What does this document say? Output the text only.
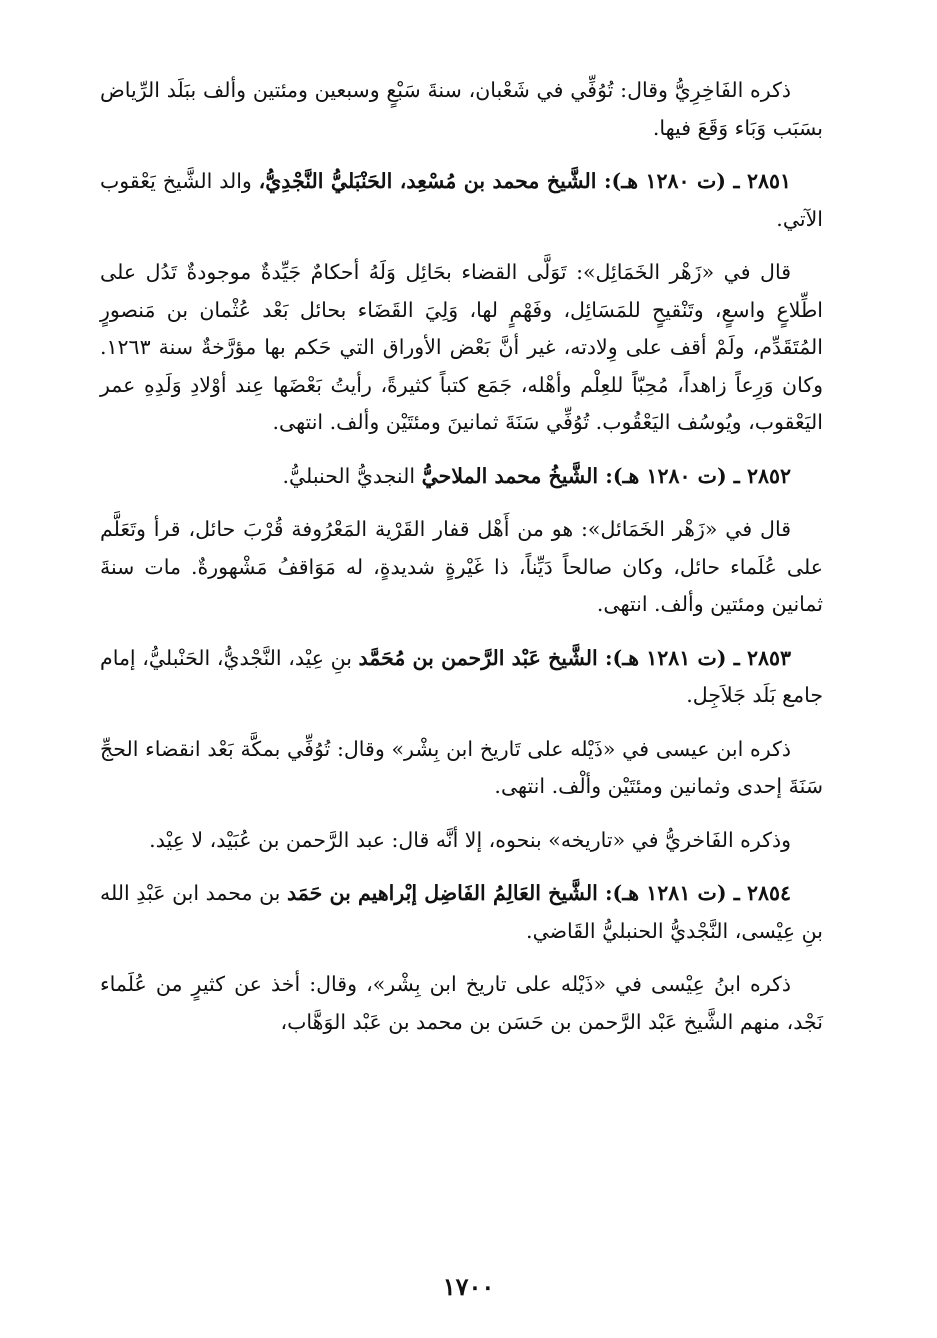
ذكره الفَاخِرِيُّ وقال: تُوُفِّي في شَعْبان، سنةَ سَبْعٍ وسبعين ومئتين وألف ببَلَد الرِّياض بسَبَب وَبَاء وَقَعَ فيها.

٢٨٥١ ـ (ت ١٢٨٠ هـ): الشَّيخ محمد بن مُسْعِد، الحَنْبَليُّ النَّجْدِيُّ، والد الشَّيخ يَعْقوب الآتي.

قال في «زَهْر الخَمَائِل»: تَوَلَّى القضاء بحَائِل وَلَهُ أحكامٌ جَيِّدةٌ موجودةٌ تَدُل على اطِّلاعٍ واسعٍ، وتَنْقيحٍ للمَسَائِل، وفَهْمٍ لها، وَلِيَ القَضَاء بحائل بَعْد عُثْمان بن مَنصورٍ المُتَقَدِّم، ولَمْ أقف على وِلادته، غير أنَّ بَعْض الأوراق التي حَكم بها مؤرَّخةٌ سنة ١٢٦٣. وكان وَرِعاً زاهداً، مُحِبّاً للعِلْم وأهْله، جَمَع كتباً كثيرةً، رأيتُ بَعْضَها عِند أوْلادِ وَلَدِهِ عمر اليَعْقوب، ويُوسُف اليَعْقُوب. تُوُفِّي سَنَةَ ثمانينَ ومئتَيْن وألف. انتهى.

٢٨٥٢ ـ (ت ١٢٨٠ هـ): الشَّيخُ محمد الملاحيُّ النجديُّ الحنبليُّ.

قال في «زَهْر الخَمَائل»: هو من أَهْل قفار القَرْية المَعْرُوفة قُرْبَ حائل، قرأ وتَعَلَّم على عُلَماء حائل، وكان صالحاً دَيِّناً، ذا غَيْرةٍ شديدةٍ، له مَوَاقفُ مَشْهورةٌ. مات سنةَ ثمانين ومئتين وألف. انتهى.

٢٨٥٣ ـ (ت ١٢٨١ هـ): الشَّيخ عَبْد الرَّحمن بن مُحَمَّد بنِ عِيْد، النَّجْديُّ، الحَنْبليُّ، إمام جامع بَلَد جَلاَجِل.

ذكره ابن عيسى في «ذَيْله على تَاريخ ابن بِشْر» وقال: تُوُفِّي بمكَّة بَعْد انقضاء الحجِّ سَنَةَ إحدى وثمانين ومئتَيْن وألْف. انتهى.

وذكره الفَاخريُّ في «تاريخه» بنحوه، إلا أنَّه قال: عبد الرَّحمن بن عُبَيْد، لا عِيْد.

٢٨٥٤ ـ (ت ١٢٨١ هـ): الشَّيخ العَالِمُ الفَاضِل إبْراهيم بن حَمَد بن محمد ابن عَبْدِ الله بنِ عِيْسى، النَّجْديُّ الحنبليُّ القَاضي.

ذكره ابنُ عِيْسى في «ذَيْله على تاريخ ابن بِشْر»، وقال: أخذ عن كثيرٍ من عُلَماء نَجْد، منهم الشَّيخ عَبْد الرَّحمن بن حَسَن بن محمد بن عَبْد الوَهَّاب،

١٧٠٠
